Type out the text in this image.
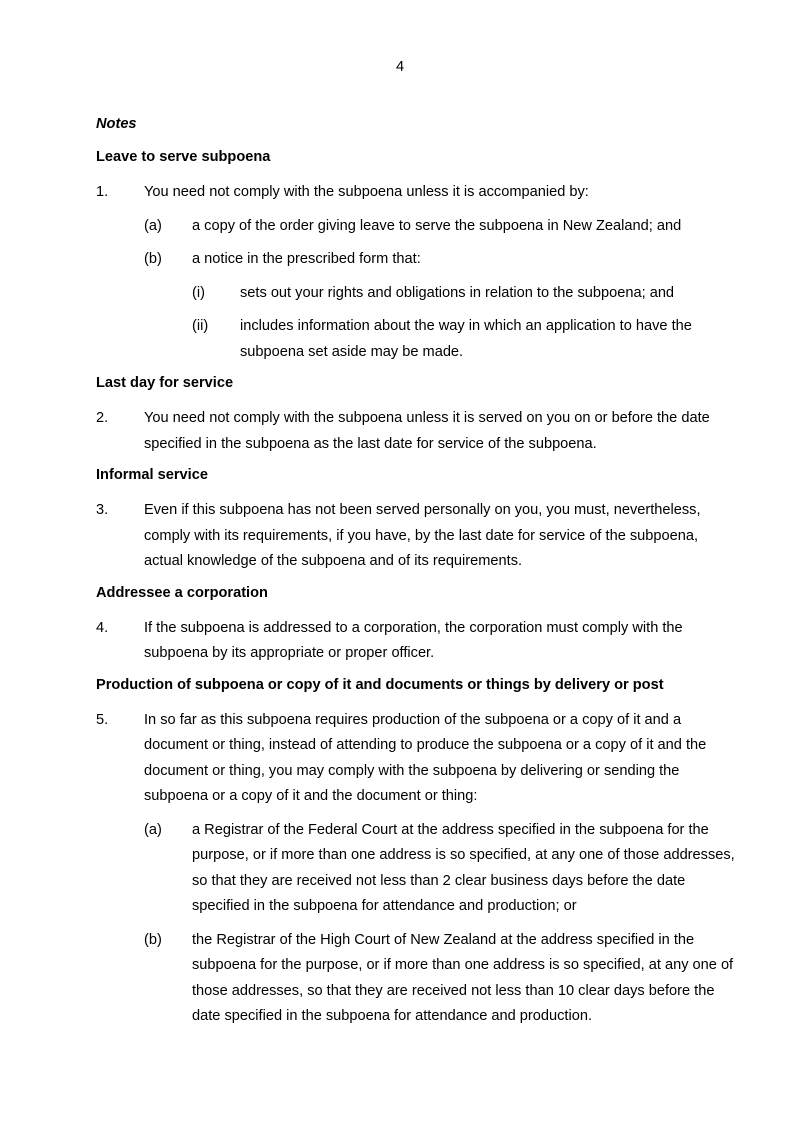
4
Notes
Leave to serve subpoena
1. You need not comply with the subpoena unless it is accompanied by:
(a) a copy of the order giving leave to serve the subpoena in New Zealand; and
(b) a notice in the prescribed form that:
(i) sets out your rights and obligations in relation to the subpoena; and
(ii) includes information about the way in which an application to have the subpoena set aside may be made.
Last day for service
2. You need not comply with the subpoena unless it is served on you on or before the date specified in the subpoena as the last date for service of the subpoena.
Informal service
3. Even if this subpoena has not been served personally on you, you must, nevertheless, comply with its requirements, if you have, by the last date for service of the subpoena, actual knowledge of the subpoena and of its requirements.
Addressee a corporation
4. If the subpoena is addressed to a corporation, the corporation must comply with the subpoena by its appropriate or proper officer.
Production of subpoena or copy of it and documents or things by delivery or post
5. In so far as this subpoena requires production of the subpoena or a copy of it and a document or thing, instead of attending to produce the subpoena or a copy of it and the document or thing, you may comply with the subpoena by delivering or sending the subpoena or a copy of it and the document or thing:
(a) a Registrar of the Federal Court at the address specified in the subpoena for the purpose, or if more than one address is so specified, at any one of those addresses, so that they are received not less than 2 clear business days before the date specified in the subpoena for attendance and production; or
(b) the Registrar of the High Court of New Zealand at the address specified in the subpoena for the purpose, or if more than one address is so specified, at any one of those addresses, so that they are received not less than 10 clear days before the date specified in the subpoena for attendance and production.
